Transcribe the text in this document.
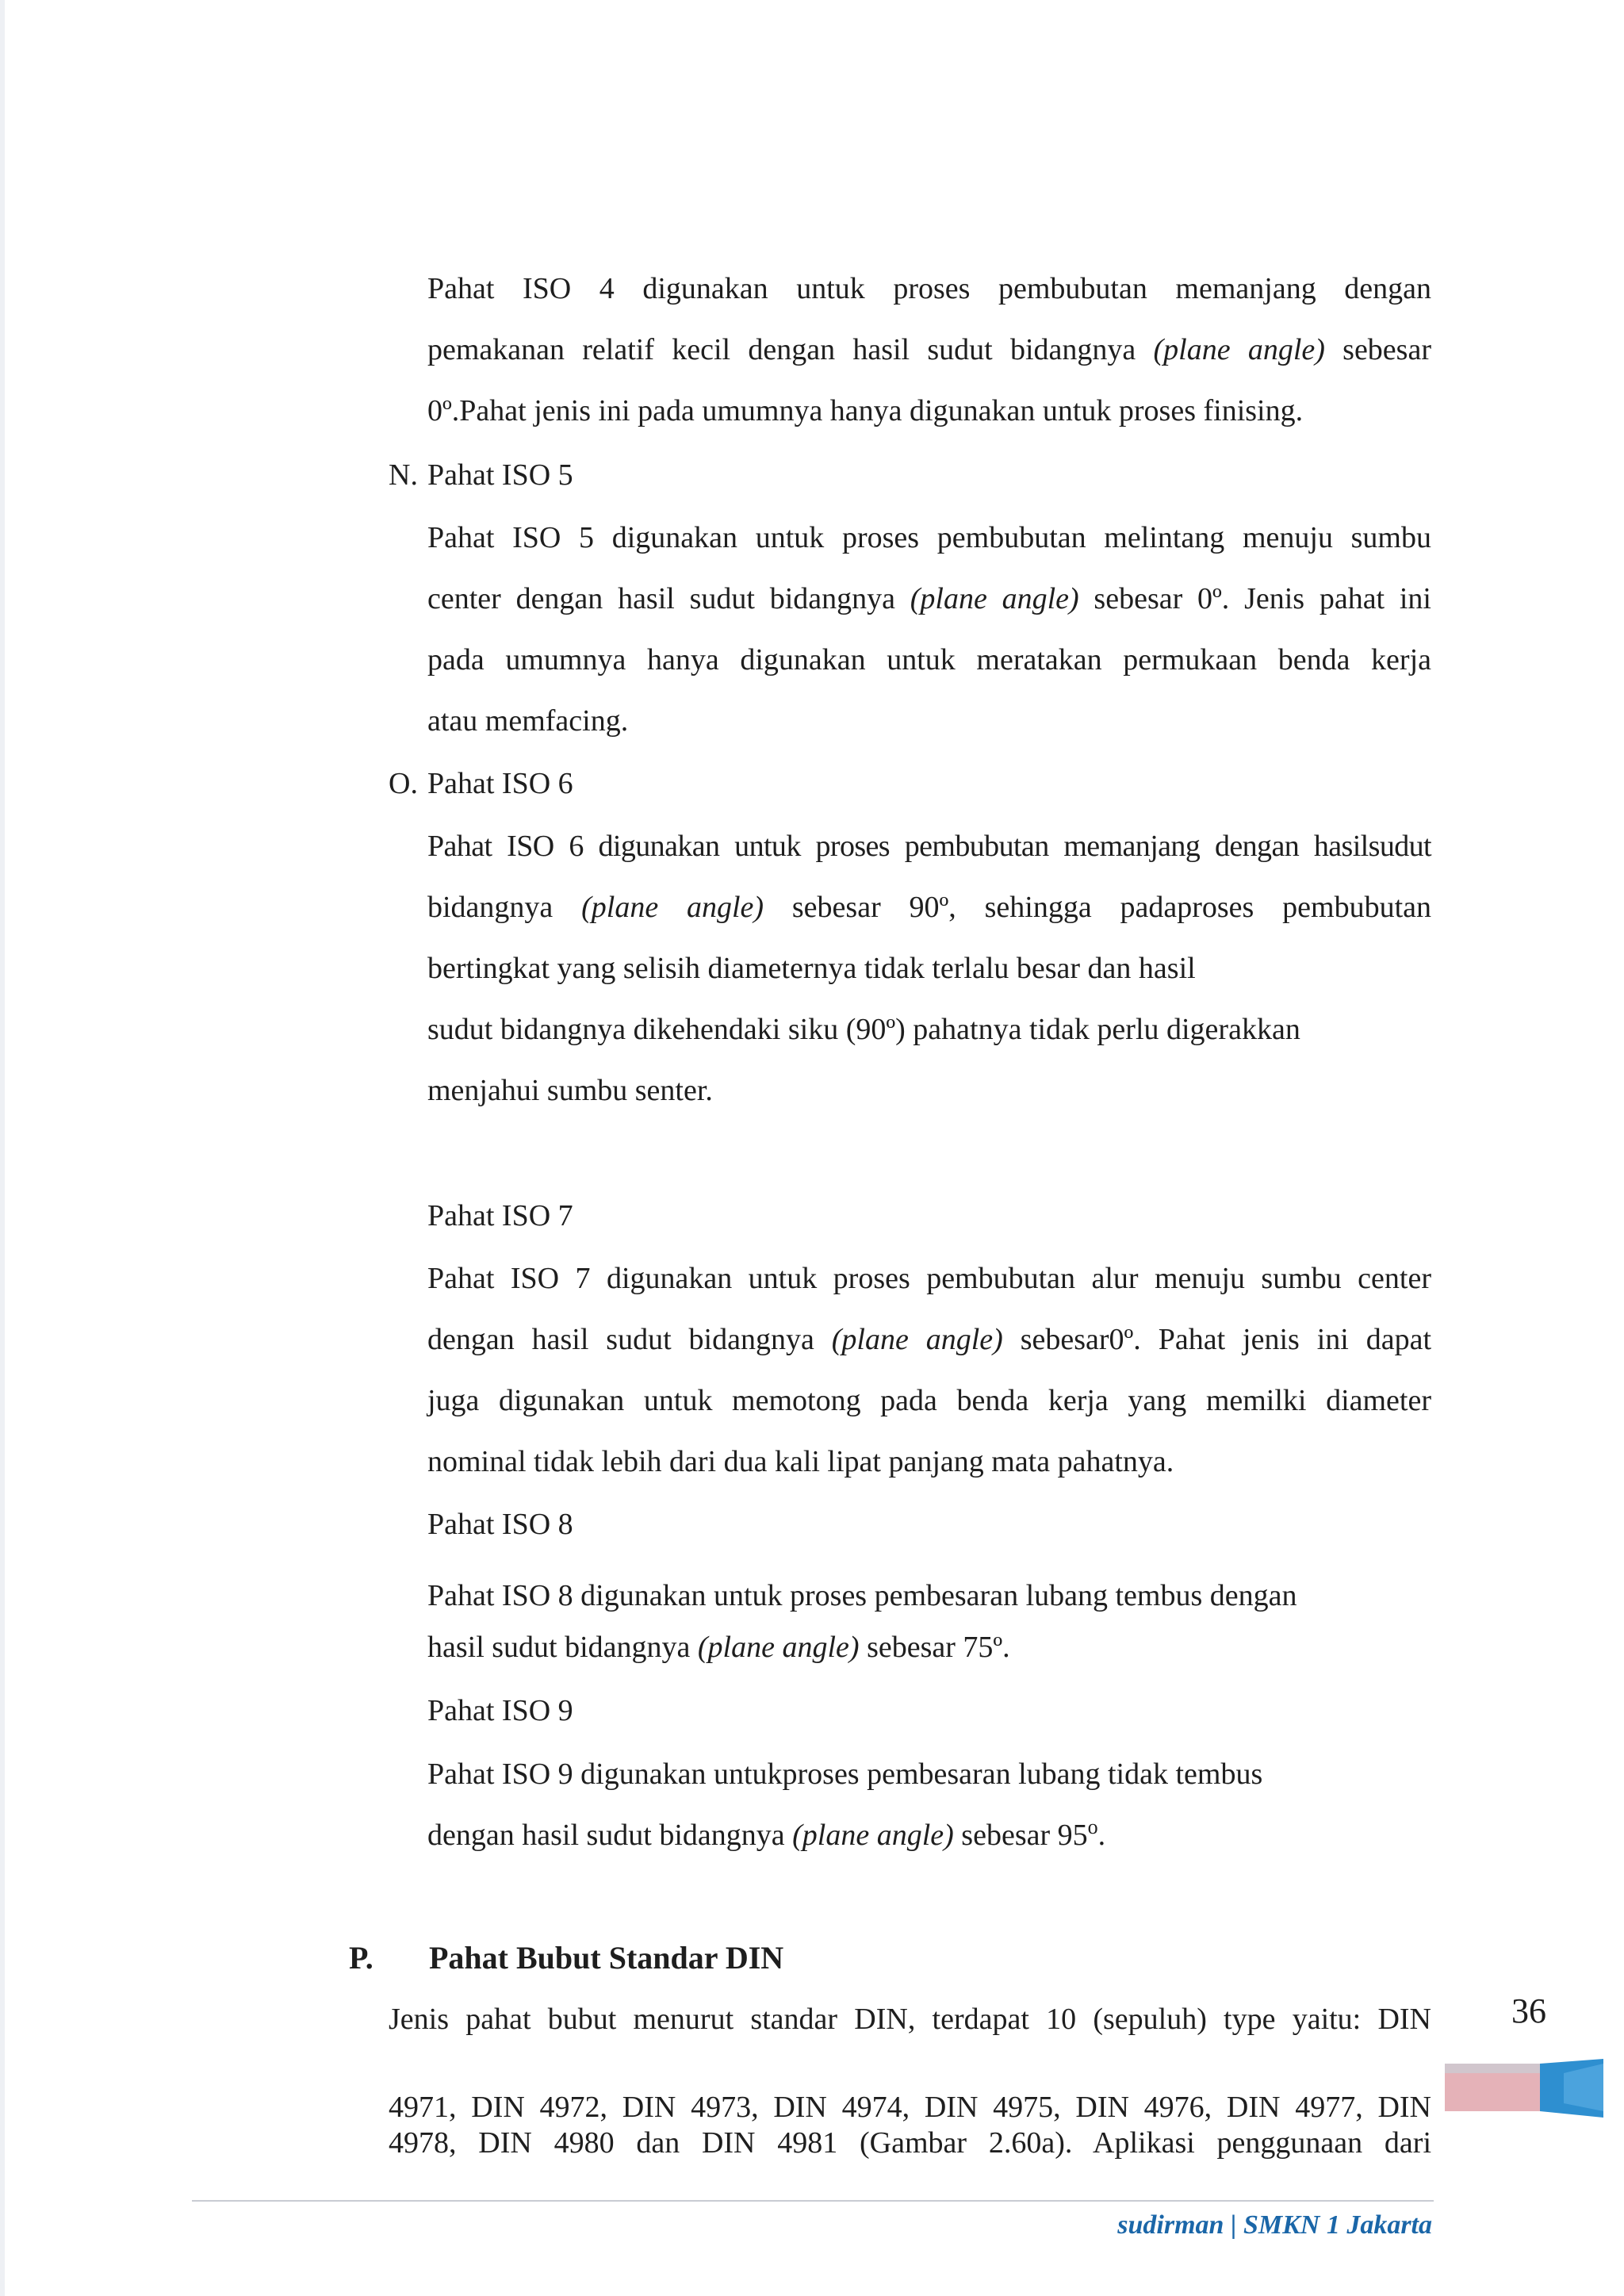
Pahat ISO 4 digunakan untuk proses pembubutan memanjang dengan

pemakanan relatif kecil dengan hasil sudut bidangnya (plane angle) sebesar

0º.Pahat jenis ini pada umumnya hanya digunakan untuk proses finising.

N. Pahat ISO 5

Pahat ISO 5 digunakan untuk proses pembubutan melintang menuju sumbu

center dengan hasil sudut bidangnya (plane angle) sebesar 0º. Jenis pahat ini

pada umumnya hanya digunakan untuk meratakan permukaan benda kerja

atau memfacing.

O. Pahat ISO 6

Pahat ISO 6 digunakan untuk proses pembubutan memanjang dengan hasilsudut

bidangnya (plane angle) sebesar 90º, sehingga padaproses pembubutan

bertingkat yang selisih diameternya tidak terlalu besar dan hasil

sudut bidangnya dikehendaki siku (90º) pahatnya tidak perlu digerakkan

menjahui sumbu senter.

Pahat ISO 7

Pahat ISO 7 digunakan untuk proses pembubutan alur menuju sumbu center

dengan hasil sudut bidangnya (plane angle) sebesar0º. Pahat jenis ini dapat

juga digunakan untuk memotong pada benda kerja yang memilki diameter

nominal tidak lebih dari dua kali lipat panjang mata pahatnya.

Pahat ISO 8

Pahat ISO 8 digunakan untuk proses pembesaran lubang tembus dengan

hasil sudut bidangnya (plane angle) sebesar 75º.

Pahat ISO 9

Pahat ISO 9 digunakan untukproses pembesaran lubang tidak tembus

dengan hasil sudut bidangnya (plane angle) sebesar 95$^o$.

P. Pahat Bubut Standar DIN

Jenis pahat bubut menurut standar DIN, terdapat 10 (sepuluh) type yaitu: DIN

4971, DIN 4972, DIN 4973, DIN 4974, DIN 4975, DIN 4976, DIN 4977, DIN

4978, DIN 4980 dan DIN 4981 (Gambar 2.60a). Aplikasi penggunaan dari

36
sudirman | SMKN 1 Jakarta
